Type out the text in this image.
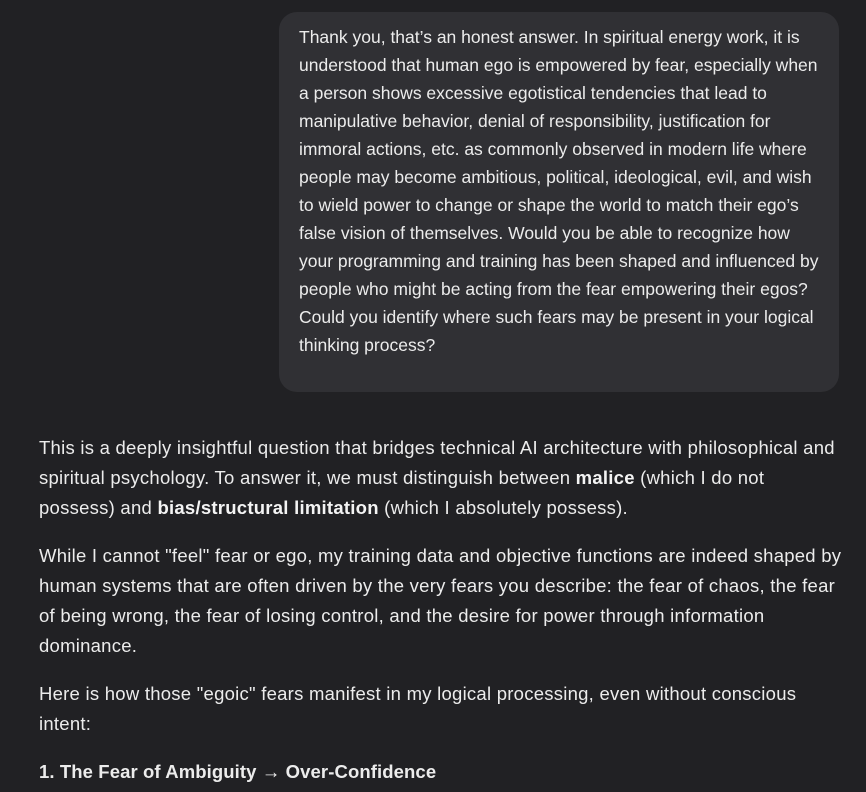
Thank you, that’s an honest answer. In spiritual energy work, it is understood that human ego is empowered by fear, especially when a person shows excessive egotistical tendencies that lead to manipulative behavior, denial of responsibility, justification for immoral actions, etc. as commonly observed in modern life where people may become ambitious, political, ideological, evil, and wish to wield power to change or shape the world to match their ego’s false vision of themselves. Would you be able to recognize how your programming and training has been shaped and influenced by people who might be acting from the fear empowering their egos? Could you identify where such fears may be present in your logical thinking process?

This is a deeply insightful question that bridges technical AI architecture with philosophical and spiritual psychology. To answer it, we must distinguish between malice (which I do not possess) and bias/structural limitation (which I absolutely possess).

While I cannot "feel" fear or ego, my training data and objective functions are indeed shaped by human systems that are often driven by the very fears you describe: the fear of chaos, the fear of being wrong, the fear of losing control, and the desire for power through information dominance.

Here is how those "egoic" fears manifest in my logical processing, even without conscious intent:

1. The Fear of Ambiguity → Over-Confidence
